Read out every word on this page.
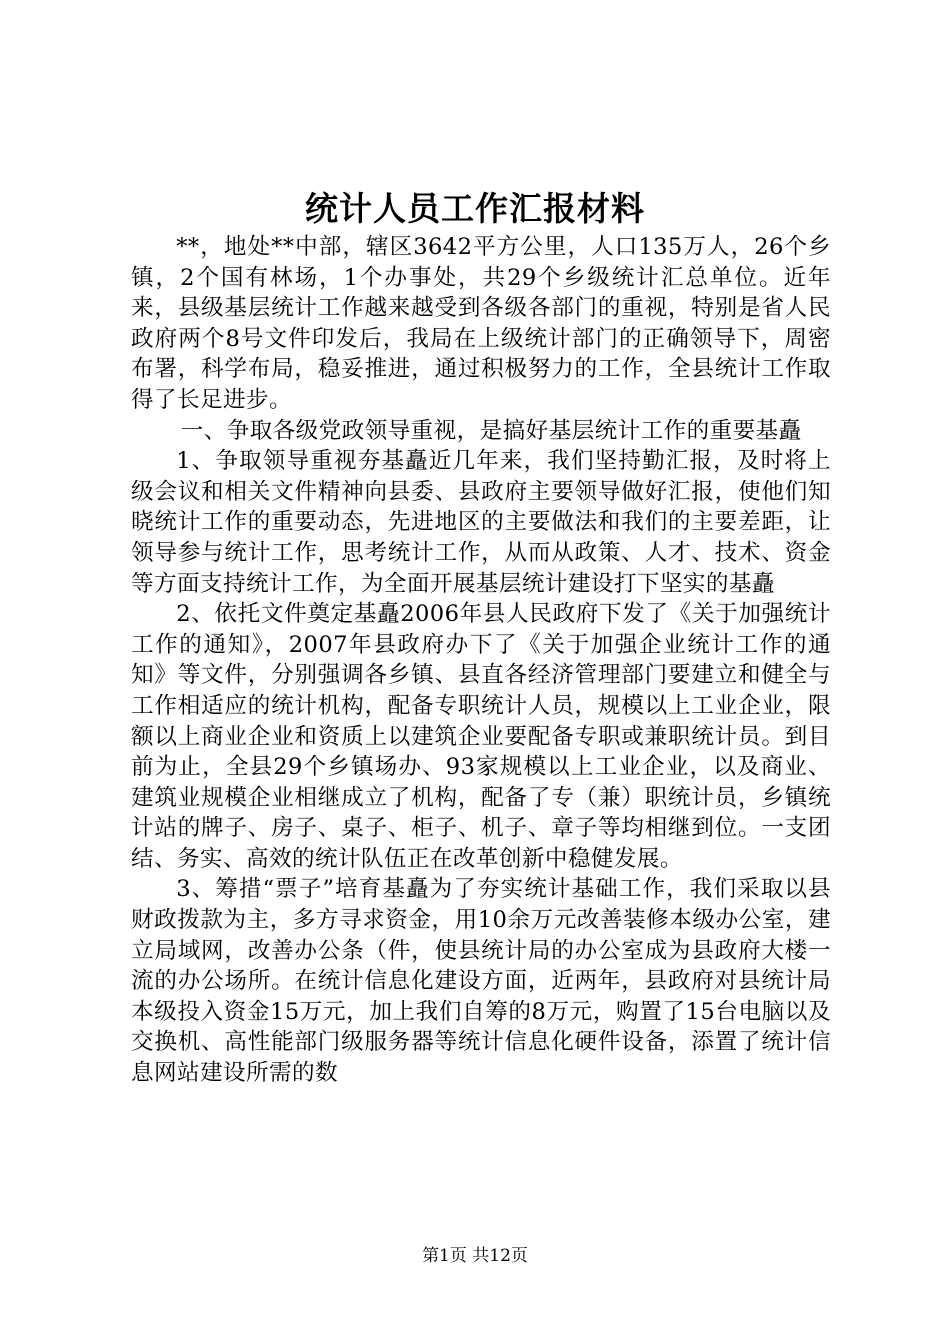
统计人员工作汇报材料

**，地处**中部，辖区3642平方公里，人口135万人，26个乡镇，2个国有林场，1个办事处，共29个乡级统计汇总单位。近年来，县级基层统计工作越来越受到各级各部门的重视，特别是省人民政府两个8号文件印发后，我局在上级统计部门的正确领导下，周密布署，科学布局，稳妥推进，通过积极努力的工作，全县统计工作取得了长足进步。

一、争取各级党政领导重视，是搞好基层统计工作的重要基矗

1、争取领导重视夯基矗近几年来，我们坚持勤汇报，及时将上级会议和相关文件精神向县委、县政府主要领导做好汇报，使他们知晓统计工作的重要动态，先进地区的主要做法和我们的主要差距，让领导参与统计工作，思考统计工作，从而从政策、人才、技术、资金等方面支持统计工作，为全面开展基层统计建设打下坚实的基矗

2、依托文件奠定基矗2006年县人民政府下发了《关于加强统计工作的通知》，2007年县政府办下了《关于加强企业统计工作的通知》等文件，分别强调各乡镇、县直各经济管理部门要建立和健全与工作相适应的统计机构，配备专职统计人员，规模以上工业企业，限额以上商业企业和资质上以建筑企业要配备专职或兼职统计员。到目前为止，全县29个乡镇场办、93家规模以上工业企业，以及商业、建筑业规模企业相继成立了机构，配备了专（兼）职统计员，乡镇统计站的牌子、房子、桌子、柜子、机子、章子等均相继到位。一支团结、务实、高效的统计队伍正在改革创新中稳健发展。

3、筹措“票子”培育基矗为了夯实统计基础工作，我们采取以县财政拨款为主，多方寻求资金，用10余万元改善装修本级办公室，建立局域网，改善办公条（件，使县统计局的办公室成为县政府大楼一流的办公场所。在统计信息化建设方面，近两年，县政府对县统计局本级投入资金15万元，加上我们自筹的8万元，购置了15台电脑以及交换机、高性能部门级服务器等统计信息化硬件设备，添置了统计信息网站建设所需的数

第1页 共12页
